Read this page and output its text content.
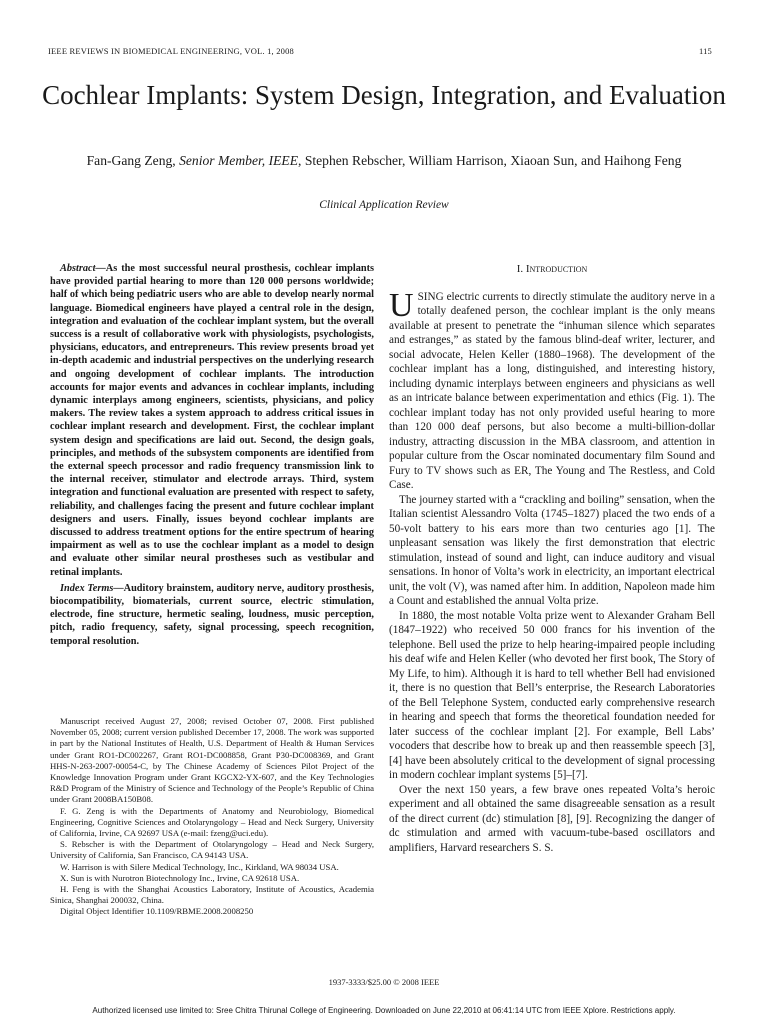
IEEE REVIEWS IN BIOMEDICAL ENGINEERING, VOL. 1, 2008	115
Cochlear Implants: System Design, Integration, and Evaluation
Fan-Gang Zeng, Senior Member, IEEE, Stephen Rebscher, William Harrison, Xiaoan Sun, and Haihong Feng
Clinical Application Review

Abstract—As the most successful neural prosthesis, cochlear implants have provided partial hearing to more than 120 000 persons worldwide; half of which being pediatric users who are able to develop nearly normal language. Biomedical engineers have played a central role in the design, integration and evaluation of the cochlear implant system, but the overall success is a result of collaborative work with physiologists, psychologists, physicians, educators, and entrepreneurs. This review presents broad yet in-depth academic and industrial perspectives on the underlying research and ongoing development of cochlear implants. The introduction accounts for major events and advances in cochlear implants, including dynamic interplays among engineers, scientists, physicians, and policy makers. The review takes a system approach to address critical issues in cochlear implant research and development. First, the cochlear implant system design and specifications are laid out. Second, the design goals, principles, and methods of the subsystem components are identified from the external speech processor and radio frequency transmission link to the internal receiver, stimulator and electrode arrays. Third, system integration and functional evaluation are presented with respect to safety, reliability, and challenges facing the present and future cochlear implant designers and users. Finally, issues beyond cochlear implants are discussed to address treatment options for the entire spectrum of hearing impairment as well as to use the cochlear implant as a model to design and evaluate other similar neural prostheses such as vestibular and retinal implants.

Index Terms—Auditory brainstem, auditory nerve, auditory prosthesis, biocompatibility, biomaterials, current source, electric stimulation, electrode, fine structure, hermetic sealing, loudness, music perception, pitch, radio frequency, safety, signal processing, speech recognition, temporal resolution.

Manuscript received August 27, 2008; revised October 07, 2008. First published November 05, 2008; current version published December 17, 2008. The work was supported in part by the National Institutes of Health, U.S. Department of Health & Human Services under Grant RO1-DC002267, Grant RO1-DC008858, Grant P30-DC008369, and Grant HHS-N-263-2007-00054-C, by The Chinese Academy of Sciences Pilot Project of the Knowledge Innovation Program under Grant KGCX2-YX-607, and the Key Technologies R&D Program of the Ministry of Science and Technology of the People’s Republic of China under Grant 2008BA150B08.

F. G. Zeng is with the Departments of Anatomy and Neurobiology, Biomedical Engineering, Cognitive Sciences and Otolaryngology – Head and Neck Surgery, University of California, Irvine, CA 92697 USA (e-mail: fzeng@uci.edu).

S. Rebscher is with the Department of Otolaryngology – Head and Neck Surgery, University of California, San Francisco, CA 94143 USA.

W. Harrison is with Silere Medical Technology, Inc., Kirkland, WA 98034 USA.

X. Sun is with Nurotron Biotechnology Inc., Irvine, CA 92618 USA.

H. Feng is with the Shanghai Acoustics Laboratory, Institute of Acoustics, Academia Sinica, Shanghai 200032, China.

Digital Object Identifier 10.1109/RBME.2008.2008250

I. Introduction

USING electric currents to directly stimulate the auditory nerve in a totally deafened person, the cochlear implant is the only means available at present to penetrate the “inhuman silence which separates and estranges,” as stated by the famous blind-deaf writer, lecturer, and social advocate, Helen Keller (1880–1968). The development of the cochlear implant has a long, distinguished, and interesting history, including dynamic interplays between engineers and physicians as well as an intricate balance between experimentation and ethics (Fig. 1). The cochlear implant today has not only provided useful hearing to more than 120 000 deaf persons, but also become a multi-billion-dollar industry, attracting discussion in the MBA classroom, and attention in popular culture from the Oscar nominated documentary film Sound and Fury to TV shows such as ER, The Young and The Restless, and Cold Case.

The journey started with a “crackling and boiling” sensation, when the Italian scientist Alessandro Volta (1745–1827) placed the two ends of a 50-volt battery to his ears more than two centuries ago [1]. The unpleasant sensation was likely the first demonstration that electric stimulation, instead of sound and light, can induce auditory and visual sensations. In honor of Volta’s work in electricity, an important electrical unit, the volt (V), was named after him. In addition, Napoleon made him a Count and established the annual Volta prize.

In 1880, the most notable Volta prize went to Alexander Graham Bell (1847–1922) who received 50 000 francs for his invention of the telephone. Bell used the prize to help hearing-impaired people including his deaf wife and Helen Keller (who devoted her first book, The Story of My Life, to him). Although it is hard to tell whether Bell had envisioned it, there is no question that Bell’s enterprise, the Research Laboratories of the Bell Telephone System, conducted early comprehensive research in hearing and speech that forms the theoretical foundation needed for later success of the cochlear implant [2]. For example, Bell Labs’ vocoders that describe how to break up and then reassemble speech [3], [4] have been absolutely critical to the development of signal processing in modern cochlear implant systems [5]–[7].

Over the next 150 years, a few brave ones repeated Volta’s heroic experiment and all obtained the same disagreeable sensation as a result of the direct current (dc) stimulation [8], [9]. Recognizing the danger of dc stimulation and armed with vacuum-tube-based oscillators and amplifiers, Harvard researchers S. S.

1937-3333/$25.00 © 2008 IEEE
Authorized licensed use limited to: Sree Chitra Thirunal College of Engineering. Downloaded on June 22,2010 at 06:41:14 UTC from IEEE Xplore. Restrictions apply.
